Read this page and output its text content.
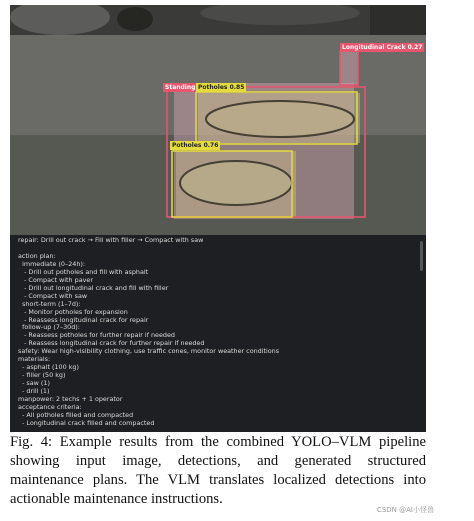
Longitudinal Crack 0.27
Standing Potholes 0.85
Potholes 0.76
repair: Drill out crack → Fill with filler → Compact with saw

action plan:
immediate (0–24h):
- Drill out potholes and fill with asphalt
- Compact with paver
- Drill out longitudinal crack and fill with filler
- Compact with saw
short-term (1–7d):
- Monitor potholes for expansion
- Reassess longitudinal crack for repair
follow-up (7–30d):
- Reassess potholes for further repair if needed
- Reassess longitudinal crack for further repair if needed
safety: Wear high-visibility clothing, use traffic cones, monitor weather conditions
materials:
- asphalt (100 kg)
- filler (50 kg)
- saw (1)
- drill (1)
manpower: 2 techs + 1 operator
acceptance criteria:
- All potholes filled and compacted
- Longitudinal crack filled and compacted
Fig. 4: Example results from the combined YOLO–VLM pipeline showing input image, detections, and generated structured maintenance plans. The VLM translates localized detections into actionable maintenance instructions.
CSDN @AI小怪兽
